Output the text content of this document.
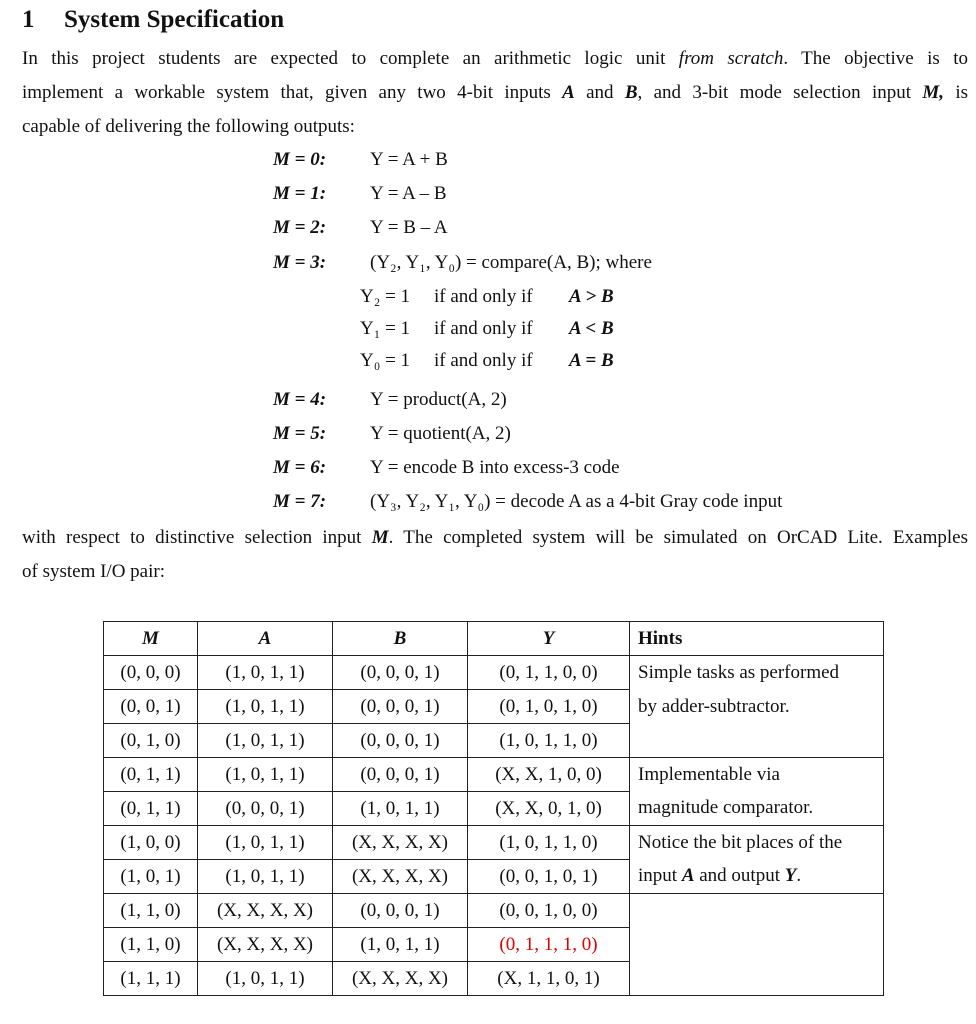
1 System Specification
In this project students are expected to complete an arithmetic logic unit from scratch. The objective is to
implement a workable system that, given any two 4-bit inputs A and B, and 3-bit mode selection input M, is
capable of delivering the following outputs:
M = 0: Y = A + B
M = 1: Y = A – B
M = 2: Y = B – A
M = 3: (Y₂, Y₁, Y₀) = compare(A, B); where
Y₂ = 1 if and only if A > B
Y₁ = 1 if and only if A < B
Y₀ = 1 if and only if A = B
M = 4: Y = product(A, 2)
M = 5: Y = quotient(A, 2)
M = 6: Y = encode B into excess-3 code
M = 7: (Y₃, Y₂, Y₁, Y₀) = decode A as a 4-bit Gray code input
with respect to distinctive selection input M. The completed system will be simulated on OrCAD Lite. Examples
of system I/O pair:
M	A	B	Y	Hints
(0, 0, 0)	(1, 0, 1, 1)	(0, 0, 0, 1)	(0, 1, 1, 0, 0)	Simple tasks as performed
(0, 0, 1)	(1, 0, 1, 1)	(0, 0, 0, 1)	(0, 1, 0, 1, 0)	by adder-subtractor.
(0, 1, 0)	(1, 0, 1, 1)	(0, 0, 0, 1)	(1, 0, 1, 1, 0)	
(0, 1, 1)	(1, 0, 1, 1)	(0, 0, 0, 1)	(X, X, 1, 0, 0)	Implementable via
(0, 1, 1)	(0, 0, 0, 1)	(1, 0, 1, 1)	(X, X, 0, 1, 0)	magnitude comparator.
(1, 0, 0)	(1, 0, 1, 1)	(X, X, X, X)	(1, 0, 1, 1, 0)	Notice the bit places of the
(1, 0, 1)	(1, 0, 1, 1)	(X, X, X, X)	(0, 0, 1, 0, 1)	input A and output Y.
(1, 1, 0)	(X, X, X, X)	(0, 0, 0, 1)	(0, 0, 1, 0, 0)	
(1, 1, 0)	(X, X, X, X)	(1, 0, 1, 1)	(0, 1, 1, 1, 0)	
(1, 1, 1)	(1, 0, 1, 1)	(X, X, X, X)	(X, 1, 1, 0, 1)	
